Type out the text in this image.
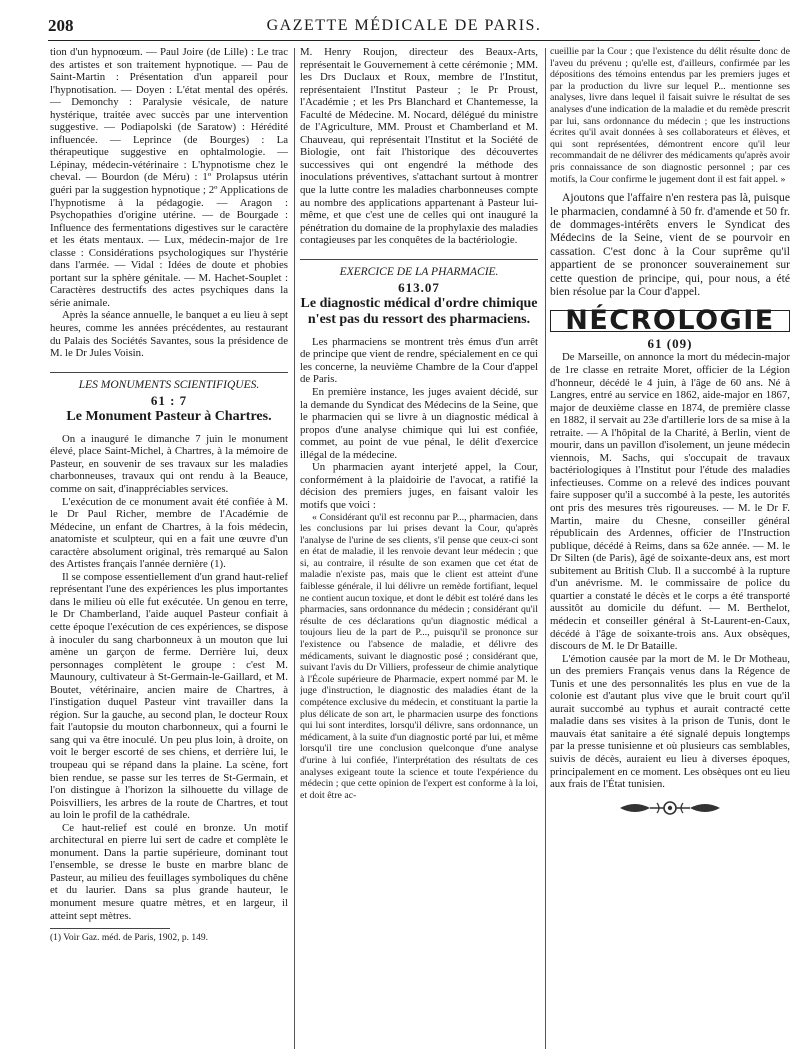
208	GAZETTE MÉDICALE DE PARIS.

tion d'un hypnoœum. — Paul Joire (de Lille) : Le trac des artistes et son traitement hypnotique. — Pau de Saint-Martin : Présentation d'un appareil pour l'hypnotisation. — Doyen : L'état mental des opérés. — Demonchy : Paralysie vésicale, de nature hystérique, traitée avec succès par une intervention suggestive. — Podiapolski (de Saratow) : Hérédité influencée. — Leprince (de Bourges) : La thérapeutique suggestive en ophtalmologie. — Lépinay, médecin-vétérinaire : L'hypnotisme chez le cheval. — Bourdon (de Méru) : 1º Prolapsus utérin guéri par la suggestion hypnotique ; 2º Applications de l'hypnotisme à la pédagogie. — Aragon : Psychopathies d'origine utérine. — de Bourgade : Influence des fermentations digestives sur le caractère et les états mentaux. — Lux, médecin-major de 1re classe : Considérations psychologiques sur l'hystérie dans l'armée. — Vidal : Idées de doute et phobies portant sur la sphère génitale. — M. Hachet-Souplet : Caractères destructifs des actes psychiques dans la série animale.

Après la séance annuelle, le banquet a eu lieu à sept heures, comme les années précédentes, au restaurant du Palais des Sociétés Savantes, sous la présidence de M. le Dr Jules Voisin.

LES MONUMENTS SCIENTIFIQUES.
61 : 7
Le Monument Pasteur à Chartres.

On a inauguré le dimanche 7 juin le monument élevé, place Saint-Michel, à Chartres, à la mémoire de Pasteur, en souvenir de ses travaux sur les maladies charbonneuses, travaux qui ont rendu à la Beauce, comme on sait, d'inappréciables services.

L'exécution de ce monument avait été confiée à M. le Dr Paul Richer, membre de l'Académie de Médecine, un enfant de Chartres, à la fois médecin, anatomiste et sculpteur, qui en a fait une œuvre d'un caractère absolument original, très remarqué au Salon des Artistes français l'année dernière (1).

Il se compose essentiellement d'un grand haut-relief représentant l'une des expériences les plus importantes dans le milieu où elle fut exécutée. Un genou en terre, le Dr Chamberland, l'aide auquel Pasteur confiait à cette époque l'exécution de ces expériences, se dispose à inoculer du sang charbonneux à un mouton que lui amène un garçon de ferme. Derrière lui, deux personnages complètent le groupe : c'est M. Maunoury, cultivateur à St-Germain-le-Gaillard, et M. Boutet, vétérinaire, ancien maire de Chartres, à l'instigation duquel Pasteur vint travailler dans la région. Sur la gauche, au second plan, le docteur Roux fait l'autopsie du mouton charbonneux, qui a fourni le sang qui va être inoculé. Un peu plus loin, à droite, on voit le berger escorté de ses chiens, et derrière lui, le troupeau qui se répand dans la plaine. La scène, fort bien rendue, se passe sur les terres de St-Germain, et l'on distingue à l'horizon la silhouette du village de Poisvilliers, les arbres de la route de Chartres, et tout au loin le profil de la cathédrale.

Ce haut-relief est coulé en bronze. Un motif architectural en pierre lui sert de cadre et complète le monument. Dans la partie supérieure, dominant tout l'ensemble, se dresse le buste en marbre blanc de Pasteur, au milieu des feuillages symboliques du chêne et du laurier. Dans sa plus grande hauteur, le monument mesure quatre mètres, et en largeur, il atteint sept mètres.

(1) Voir Gaz. méd. de Paris, 1902, p. 149.

M. Henry Roujon, directeur des Beaux-Arts, représentait le Gouvernement à cette cérémonie ; MM. les Drs Duclaux et Roux, membre de l'Institut, représentaient l'Institut Pasteur ; le Pr Proust, l'Académie ; et les Prs Blanchard et Chantemesse, la Faculté de Médecine. M. Nocard, délégué du ministre de l'Agriculture, MM. Proust et Chamberland et M. Chauveau, qui représentait l'Institut et la Société de Biologie, ont fait l'historique des découvertes successives qui ont engendré la méthode des inoculations préventives, s'attachant surtout à montrer que la lutte contre les maladies charbonneuses compte au nombre des applications appartenant à Pasteur lui-même, et que c'est une de celles qui ont inauguré la pénétration du domaine de la prophylaxie des maladies contagieuses par les conquêtes de la bactériologie.

EXERCICE DE LA PHARMACIE.
613.07
Le diagnostic médical d'ordre chimique n'est pas du ressort des pharmaciens.

Les pharmaciens se montrent très émus d'un arrêt de principe que vient de rendre, spécialement en ce qui les concerne, la neuvième Chambre de la Cour d'appel de Paris.

En première instance, les juges avaient décidé, sur la demande du Syndicat des Médecins de la Seine, que le pharmacien qui se livre à un diagnostic médical à propos d'une analyse chimique qui lui est confiée, commet, au point de vue pénal, le délit d'exercice illégal de la médecine.

Un pharmacien ayant interjeté appel, la Cour, conformément à la plaidoirie de l'avocat, a ratifié la décision des premiers juges, en faisant valoir les motifs que voici :

« Considérant qu'il est reconnu par P..., pharmacien, dans les conclusions par lui prises devant la Cour, qu'après l'analyse de l'urine de ses clients, s'il pense que ceux-ci sont en état de maladie, il les renvoie devant leur médecin ; que si, au contraire, il résulte de son examen que cet état de maladie n'existe pas, mais que le client est atteint d'une faiblesse générale, il lui délivre un remède fortifiant, lequel ne contient aucun toxique, et dont le débit est toléré dans les pharmacies, sans ordonnance du médecin ; considérant qu'il résulte de ces déclarations qu'un diagnostic médical a toujours lieu de la part de P..., puisqu'il se prononce sur l'existence ou l'absence de maladie, et délivre des médicaments, suivant le diagnostic posé ; considérant que, suivant l'avis du Dr Villiers, professeur de chimie analytique à l'École supérieure de Pharmacie, expert nommé par M. le juge d'instruction, le diagnostic des maladies étant de la compétence exclusive du médecin, et constituant la partie la plus délicate de son art, le pharmacien usurpe des fonctions qui lui sont interdites, lorsqu'il délivre, sans ordonnance, un médicament, à la suite d'un diagnostic porté par lui, et même lorsqu'il tire une conclusion quelconque d'une analyse d'urine à lui confiée, l'interprétation des résultats de ces analyses exigeant toute la science et toute l'expérience du médecin ; que cette opinion de l'expert est conforme à la loi, et doit être ac-

cueillie par la Cour ; que l'existence du délit résulte donc de l'aveu du prévenu ; qu'elle est, d'ailleurs, confirmée par les dépositions des témoins entendus par les premiers juges et par la production du livre sur lequel P... mentionne ses analyses, livre dans lequel il faisait suivre le résultat de ses analyses d'une indication de la maladie et du remède prescrit par lui, sans ordonnance du médecin ; que les instructions écrites qu'il avait données à ses collaborateurs et élèves, et qui sont représentées, démontrent encore qu'il leur recommandait de ne délivrer des médicaments qu'après avoir pris connaissance de son diagnostic personnel ; par ces motifs, la Cour confirme le jugement dont il est fait appel. »

Ajoutons que l'affaire n'en restera pas là, puisque le pharmacien, condamné à 50 fr. d'amende et 50 fr. de dommages-intérêts envers le Syndicat des Médecins de la Seine, vient de se pourvoir en cassation. C'est donc à la Cour suprême qu'il appartient de se prononcer souverainement sur cette question de principe, qui, pour nous, a été bien résolue par la Cour d'appel.

NÉCROLOGIE
61 (09)

De Marseille, on annonce la mort du médecin-major de 1re classe en retraite Moret, officier de la Légion d'honneur, décédé le 4 juin, à l'âge de 60 ans. Né à Langres, entré au service en 1862, aide-major en 1867, major de deuxième classe en 1874, de première classe en 1882, il servait au 23e d'artillerie lors de sa mise à la retraite. — A l'hôpital de la Charité, à Berlin, vient de mourir, dans un pavillon d'isolement, un jeune médecin viennois, M. Sachs, qui s'occupait de travaux bactériologiques à l'Institut pour l'étude des maladies infectieuses. Comme on a relevé des indices pouvant faire supposer qu'il a succombé à la peste, les autorités ont pris des mesures très rigoureuses. — M. le Dr F. Martin, maire du Chesne, conseiller général républicain des Ardennes, officier de l'Instruction publique, décédé à Reims, dans sa 62e année. — M. le Dr Silten (de Paris), âgé de soixante-deux ans, est mort subitement au British Club. Il a succombé à la rupture d'un anévrisme. M. le commissaire de police du quartier a constaté le décès et le corps a été transporté aussitôt au domicile du défunt. — M. Berthelot, médecin et conseiller général à St-Laurent-en-Caux, décédé à l'âge de soixante-trois ans. Aux obsèques, discours de M. le Dr Bataille.

L'émotion causée par la mort de M. le Dr Motheau, un des premiers Français venus dans la Régence de Tunis et une des personnalités les plus en vue de la colonie est d'autant plus vive que le bruit court qu'il aurait succombé au typhus et aurait contracté cette maladie dans ses visites à la prison de Tunis, dont le mauvais état sanitaire a été signalé depuis longtemps par la presse tunisienne et où plusieurs cas semblables, suivis de décès, auraient eu lieu à diverses époques, principalement en ce moment. Les obsèques ont eu lieu aux frais de l'État tunisien.
